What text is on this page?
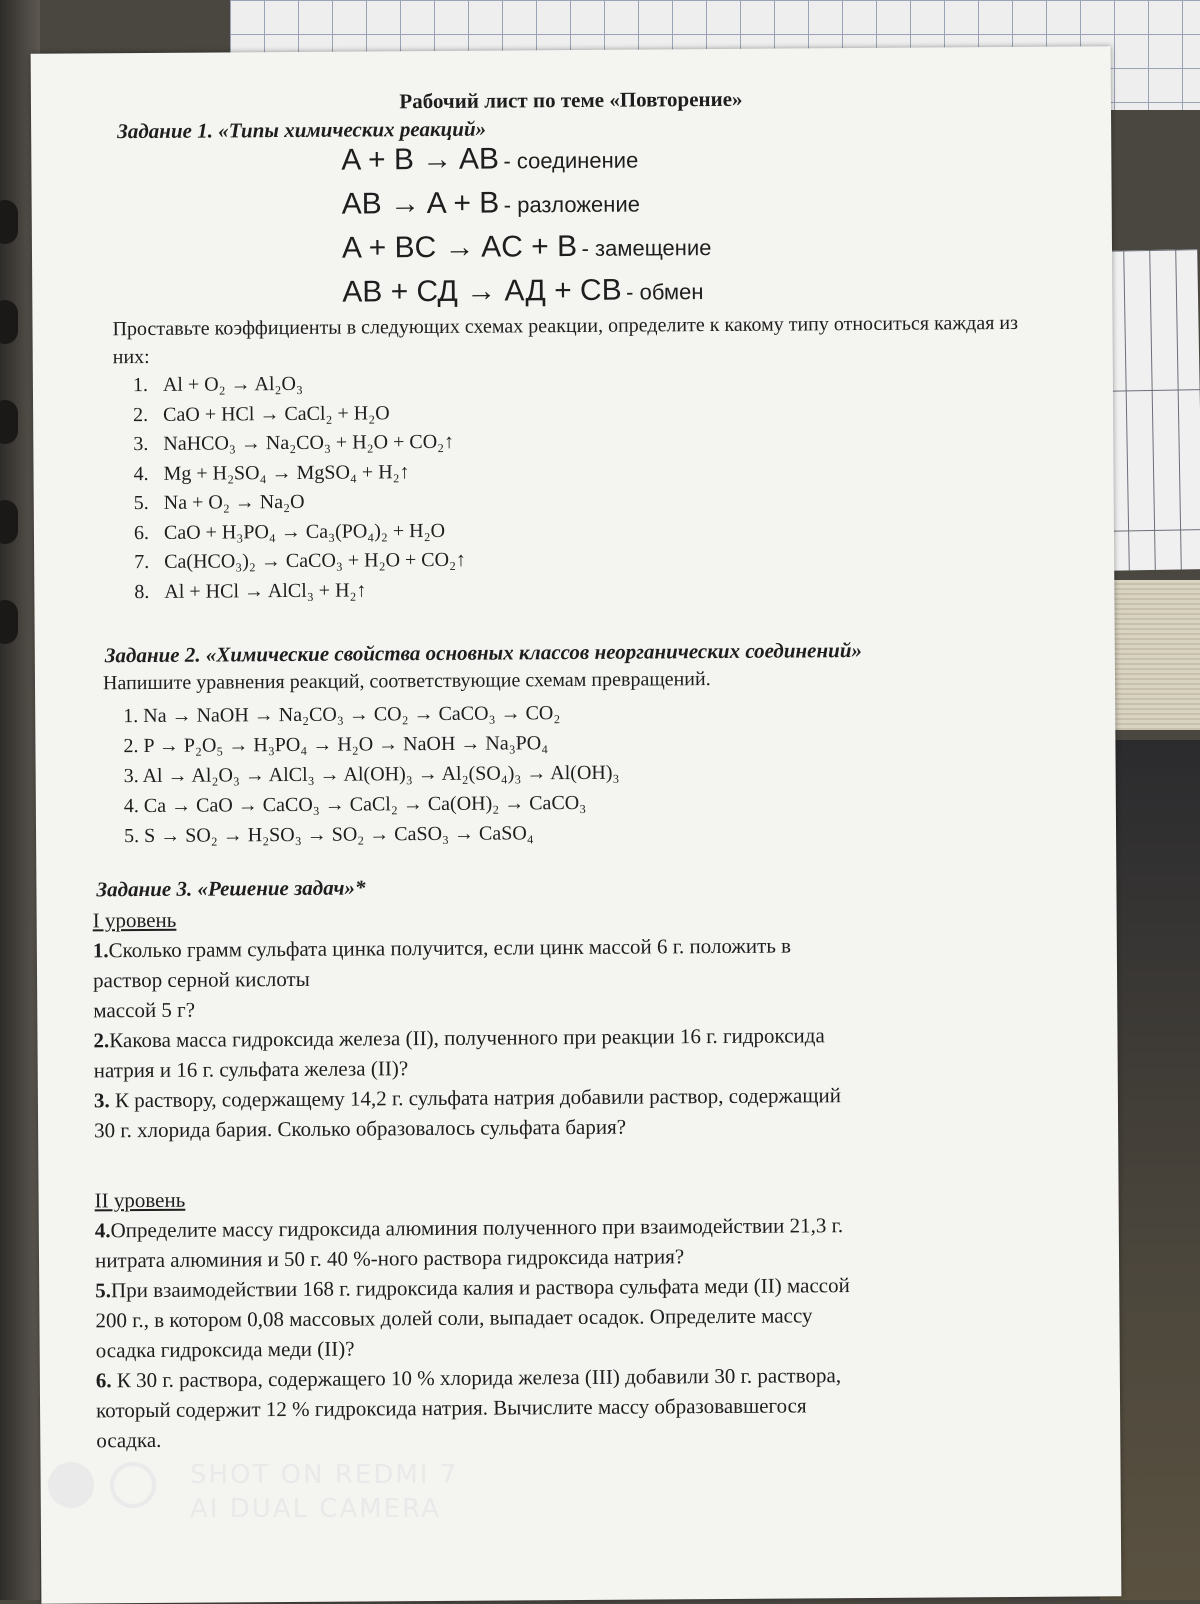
Рабочий лист по теме «Повторение»
Задание 1. «Типы химических реакций»
A + B → AB - соединение
AB → A + B - разложение
A + BC → AC + B - замещение
AB + СД → АД + СВ - обмен
Проставьте коэффициенты в следующих схемах реакции, определите к какому типу относиться каждая из них:
1. Al + O₂ → Al₂O₃
2. CaO + HCl → CaCl₂ + H₂O
3. NaHCO₃ → Na₂CO₃ + H₂O + CO₂↑
4. Mg + H₂SO₄ → MgSO₄ + H₂↑
5. Na + O₂ → Na₂O
6. CaO + H₃PO₄ → Ca₃(PO₄)₂ + H₂O
7. Ca(HCO₃)₂ → CaCO₃ + H₂O + CO₂↑
8. Al + HCl → AlCl₃ + H₂↑
Задание 2. «Химические свойства основных классов неорганических соединений»
Напишите уравнения реакций, соответствующие схемам превращений.
1. Na → NaOH → Na₂CO₃ → CO₂ → CaCO₃ → CO₂
2. P → P₂O₅ → H₃PO₄ → H₂O → NaOH → Na₃PO₄
3. Al → Al₂O₃ → AlCl₃ → Al(OH)₃ → Al₂(SO₄)₃ → Al(OH)₃
4. Ca → CaO → CaCO₃ → CaCl₂ → Ca(OH)₂ → CaCO₃
5. S → SO₂ → H₂SO₃ → SO₂ → CaSO₃ → CaSO₄
Задание 3. «Решение задач»*
I уровень
1.Сколько грамм сульфата цинка получится, если цинк массой 6 г. положить в
раствор серной кислоты
массой 5 г?
2.Какова масса гидроксида железа (II), полученного при реакции 16 г. гидроксида
натрия и 16 г. сульфата железа (II)?
3. К раствору, содержащему 14,2 г. сульфата натрия добавили раствор, содержащий
30 г. хлорида бария. Сколько образовалось сульфата бария?
II уровень
4.Определите массу гидроксида алюминия полученного при взаимодействии 21,3 г.
нитрата алюминия и 50 г. 40 %-ного раствора гидроксида натрия?
5.При взаимодействии 168 г. гидроксида калия и раствора сульфата меди (II) массой
200 г., в котором 0,08 массовых долей соли, выпадает осадок. Определите массу
осадка гидроксида меди (II)?
6. К 30 г. раствора, содержащего 10 % хлорида железа (III) добавили 30 г. раствора,
который содержит 12 % гидроксида натрия. Вычислите массу образовавшегося
осадка.
SHOT ON REDMI 7
AI DUAL CAMERA
